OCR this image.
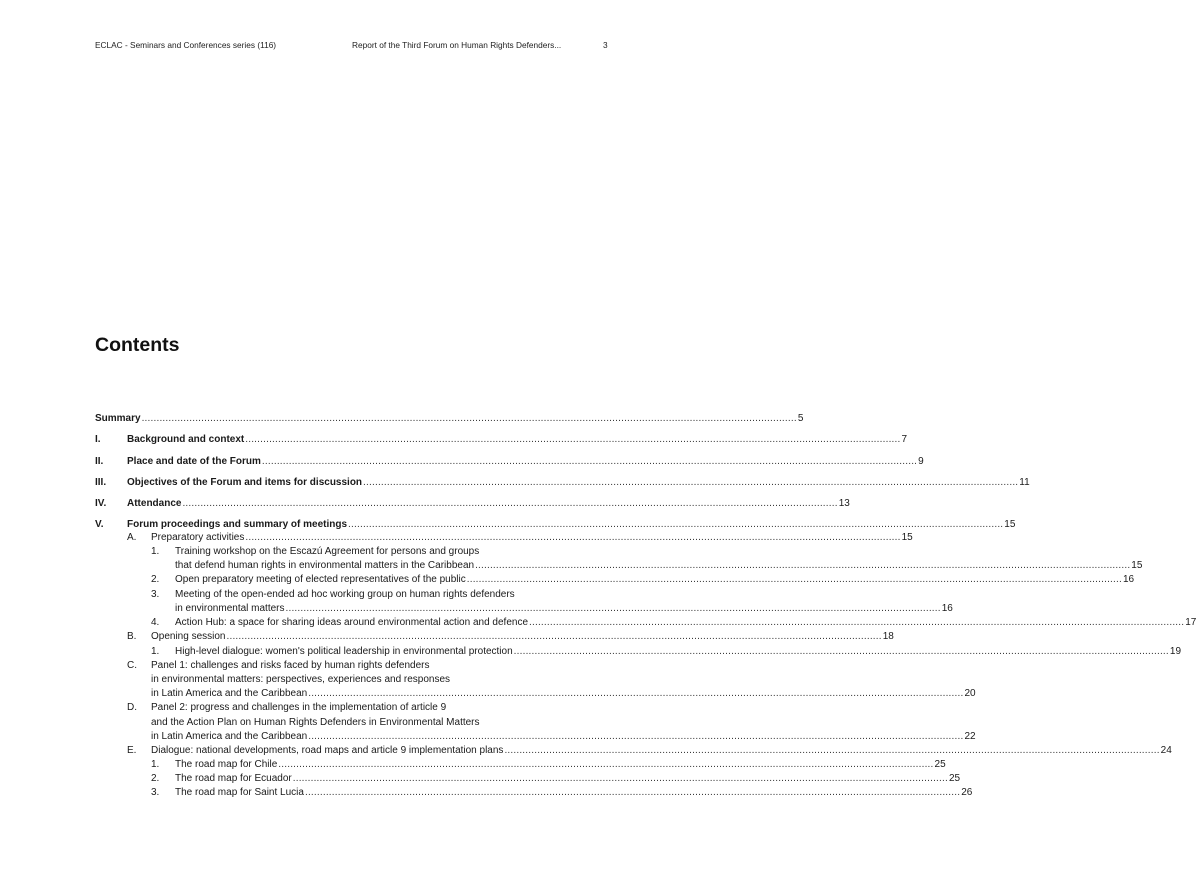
ECLAC - Seminars and Conferences series (116)	Report of the Third Forum on Human Rights Defenders...	3
Contents
Summary ............................................................................................................................................................................................................................ 5
I.	Background and context ............................................................................................................................................................................................................................ 7
II. Place and date of the Forum ............................................................................................................................................................................................................................ 9
III. Objectives of the Forum and items for discussion ............................................................................................................................................................................................................................ 11
IV. Attendance ............................................................................................................................................................................................................................ 13
V. Forum proceedings and summary of meetings ............................................................................................................................................................................................................................ 15
A. Preparatory activities ............................................................................................................................................................................................................................ 15
1. Training workshop on the Escazú Agreement for persons and groups
that defend human rights in environmental matters in the Caribbean ............................................................................................................................................................................................................................ 15
2. Open preparatory meeting of elected representatives of the public ............................................................................................................................................................................................................................ 16
3. Meeting of the open-ended ad hoc working group on human rights defenders
in environmental matters ............................................................................................................................................................................................................................ 16
4. Action Hub: a space for sharing ideas around environmental action and defence ............................................................................................................................................................................................................................ 17
B. Opening session ............................................................................................................................................................................................................................ 18
1. High-level dialogue: women's political leadership in environmental protection ............................................................................................................................................................................................................................ 19
C. Panel 1: challenges and risks faced by human rights defenders
in environmental matters: perspectives, experiences and responses
in Latin America and the Caribbean ............................................................................................................................................................................................................................ 20
D. Panel 2: progress and challenges in the implementation of article 9
and the Action Plan on Human Rights Defenders in Environmental Matters
in Latin America and the Caribbean ............................................................................................................................................................................................................................ 22
E. Dialogue: national developments, road maps and article 9 implementation plans ............................................................................................................................................................................................................................ 24
1. The road map for Chile ............................................................................................................................................................................................................................ 25
2. The road map for Ecuador ............................................................................................................................................................................................................................ 25
3. The road map for Saint Lucia ............................................................................................................................................................................................................................ 26
